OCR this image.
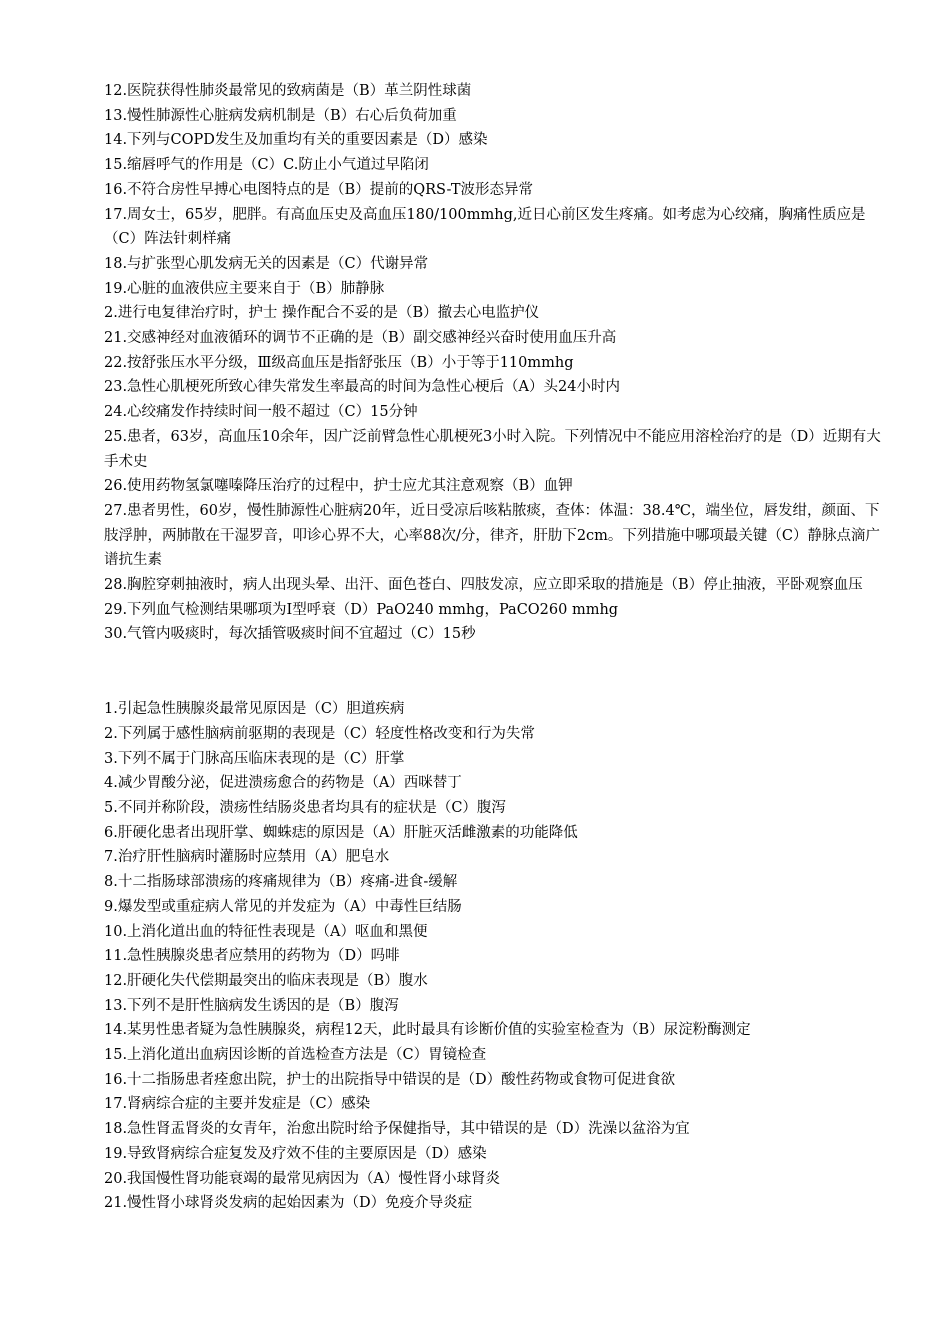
12.医院获得性肺炎最常见的致病菌是（B）革兰阴性球菌

13.慢性肺源性心脏病发病机制是（B）右心后负荷加重

14.下列与COPD发生及加重均有关的重要因素是（D）感染

15.缩唇呼气的作用是（C）C.防止小气道过早陷闭

16.不符合房性早搏心电图特点的是（B）提前的QRS-T波形态异常

17.周女士，65岁，肥胖。有高血压史及高血压180/100mmhg,近日心前区发生疼痛。如考虑为心绞痛，胸痛性质应是（C）阵法针刺样痛

18.与扩张型心肌发病无关的因素是（C）代谢异常

19.心脏的血液供应主要来自于（B）肺静脉

2.进行电复律治疗时，护士 操作配合不妥的是（B）撤去心电监护仪

21.交感神经对血液循环的调节不正确的是（B）副交感神经兴奋时使用血压升高

22.按舒张压水平分级，Ⅲ级高血压是指舒张压（B）小于等于110mmhg

23.急性心肌梗死所致心律失常发生率最高的时间为急性心梗后（A）头24小时内

24.心绞痛发作持续时间一般不超过（C）15分钟

25.患者，63岁，高血压10余年，因广泛前臂急性心肌梗死3小时入院。下列情况中不能应用溶栓治疗的是（D）近期有大手术史

26.使用药物氢氯噻嗪降压治疗的过程中，护士应尤其注意观察（B）血钾

27.患者男性，60岁，慢性肺源性心脏病20年，近日受凉后咳粘脓痰，查体：体温：38.4℃，端坐位，唇发绀，颜面、下肢浮肿，两肺散在干湿罗音，叩诊心界不大，心率88次/分，律齐，肝肋下2cm。下列措施中哪项最关键（C）静脉点滴广谱抗生素

28.胸腔穿刺抽液时，病人出现头晕、出汗、面色苍白、四肢发凉，应立即采取的措施是（B）停止抽液，平卧观察血压

29.下列血气检测结果哪项为Ⅰ型呼衰（D）PaO240 mmhg，PaCO260 mmhg

30.气管内吸痰时，每次插管吸痰时间不宜超过（C）15秒

1.引起急性胰腺炎最常见原因是（C）胆道疾病

2.下列属于感性脑病前驱期的表现是（C）轻度性格改变和行为失常

3.下列不属于门脉高压临床表现的是（C）肝掌

4.减少胃酸分泌，促进溃疡愈合的药物是（A）西咪替丁

5.不同并称阶段，溃疡性结肠炎患者均具有的症状是（C）腹泻

6.肝硬化患者出现肝掌、蜘蛛痣的原因是（A）肝脏灭活雌激素的功能降低

7.治疗肝性脑病时灌肠时应禁用（A）肥皂水

8.十二指肠球部溃疡的疼痛规律为（B）疼痛-进食-缓解

9.爆发型或重症病人常见的并发症为（A）中毒性巨结肠

10.上消化道出血的特征性表现是（A）呕血和黑便

11.急性胰腺炎患者应禁用的药物为（D）吗啡

12.肝硬化失代偿期最突出的临床表现是（B）腹水

13.下列不是肝性脑病发生诱因的是（B）腹泻

14.某男性患者疑为急性胰腺炎，病程12天，此时最具有诊断价值的实验室检查为（B）尿淀粉酶测定

15.上消化道出血病因诊断的首选检查方法是（C）胃镜检查

16.十二指肠患者痊愈出院，护士的出院指导中错误的是（D）酸性药物或食物可促进食欲

17.肾病综合症的主要并发症是（C）感染

18.急性肾盂肾炎的女青年，治愈出院时给予保健指导，其中错误的是（D）洗澡以盆浴为宜

19.导致肾病综合症复发及疗效不佳的主要原因是（D）感染

20.我国慢性肾功能衰竭的最常见病因为（A）慢性肾小球肾炎

21.慢性肾小球肾炎发病的起始因素为（D）免疫介导炎症
